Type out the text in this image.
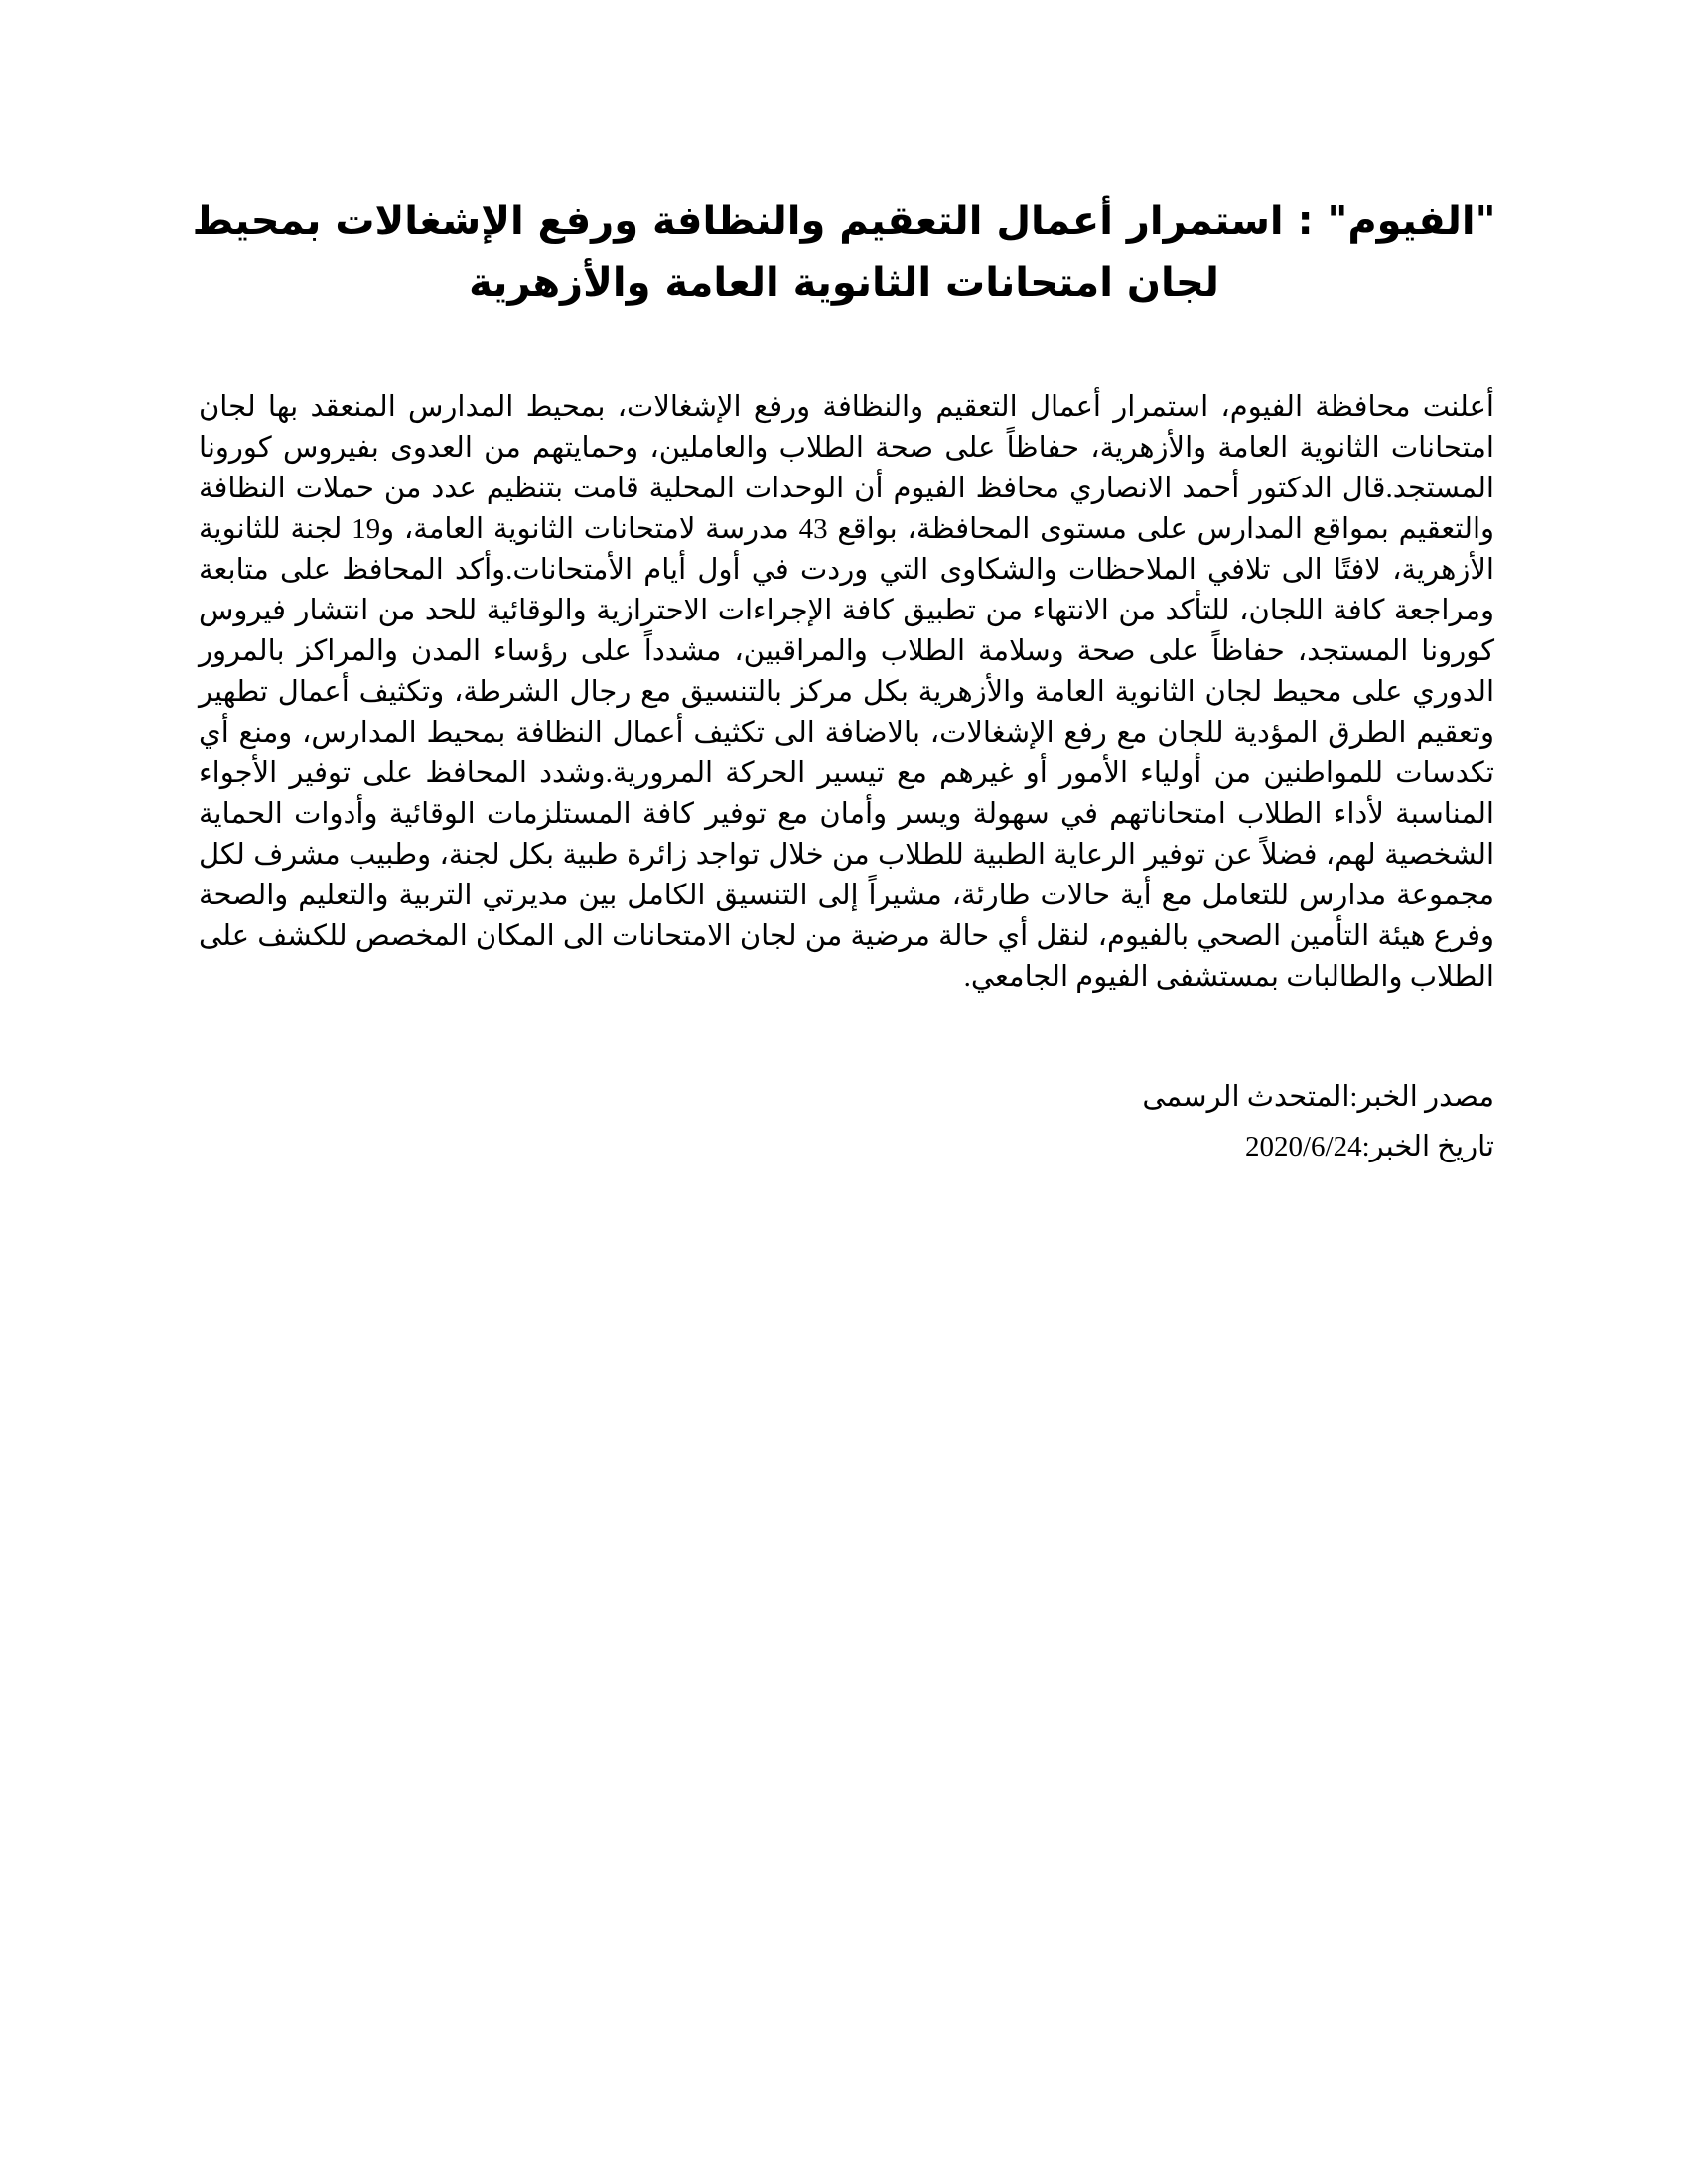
"الفيوم" : استمرار أعمال التعقيم والنظافة ورفع الإشغالات بمحيط لجان امتحانات الثانوية العامة والأزهرية

أعلنت محافظة الفيوم، استمرار أعمال التعقيم والنظافة ورفع الإشغالات، بمحيط المدارس المنعقد بها لجان امتحانات الثانوية العامة والأزهرية، حفاظاً على صحة الطلاب والعاملين، وحمايتهم من العدوى بفيروس كورونا المستجد.قال الدكتور أحمد الانصاري محافظ الفيوم أن الوحدات المحلية قامت بتنظيم عدد من حملات النظافة والتعقيم بمواقع المدارس على مستوى المحافظة، بواقع 43 مدرسة لامتحانات الثانوية العامة، و19 لجنة للثانوية الأزهرية، لافتًا الى تلافي الملاحظات والشكاوى التي وردت في أول أيام الأمتحانات.وأكد المحافظ على متابعة ومراجعة كافة اللجان، للتأكد من الانتهاء من تطبيق كافة الإجراءات الاحترازية والوقائية للحد من انتشار فيروس كورونا المستجد، حفاظاً على صحة وسلامة الطلاب والمراقبين، مشدداً على رؤساء المدن والمراكز بالمرور الدوري على محيط لجان الثانوية العامة والأزهرية بكل مركز بالتنسيق مع رجال الشرطة، وتكثيف أعمال تطهير وتعقيم الطرق المؤدية للجان مع رفع الإشغالات، بالاضافة الى تكثيف أعمال النظافة بمحيط المدارس، ومنع أي تكدسات للمواطنين من أولياء الأمور أو غيرهم مع تيسير الحركة المرورية.وشدد المحافظ على توفير الأجواء المناسبة لأداء الطلاب امتحاناتهم في سهولة ويسر وأمان مع توفير كافة المستلزمات الوقائية وأدوات الحماية الشخصية لهم، فضلاً عن توفير الرعاية الطبية للطلاب من خلال تواجد زائرة طبية بكل لجنة، وطبيب مشرف لكل مجموعة مدارس للتعامل مع أية حالات طارئة، مشيراً إلى التنسيق الكامل بين مديرتي التربية والتعليم والصحة وفرع هيئة التأمين الصحي بالفيوم، لنقل أي حالة مرضية من لجان الامتحانات الى المكان المخصص للكشف على الطلاب والطالبات بمستشفى الفيوم الجامعي.

مصدر الخبر:المتحدث الرسمى

تاريخ الخبر:2020/6/24
